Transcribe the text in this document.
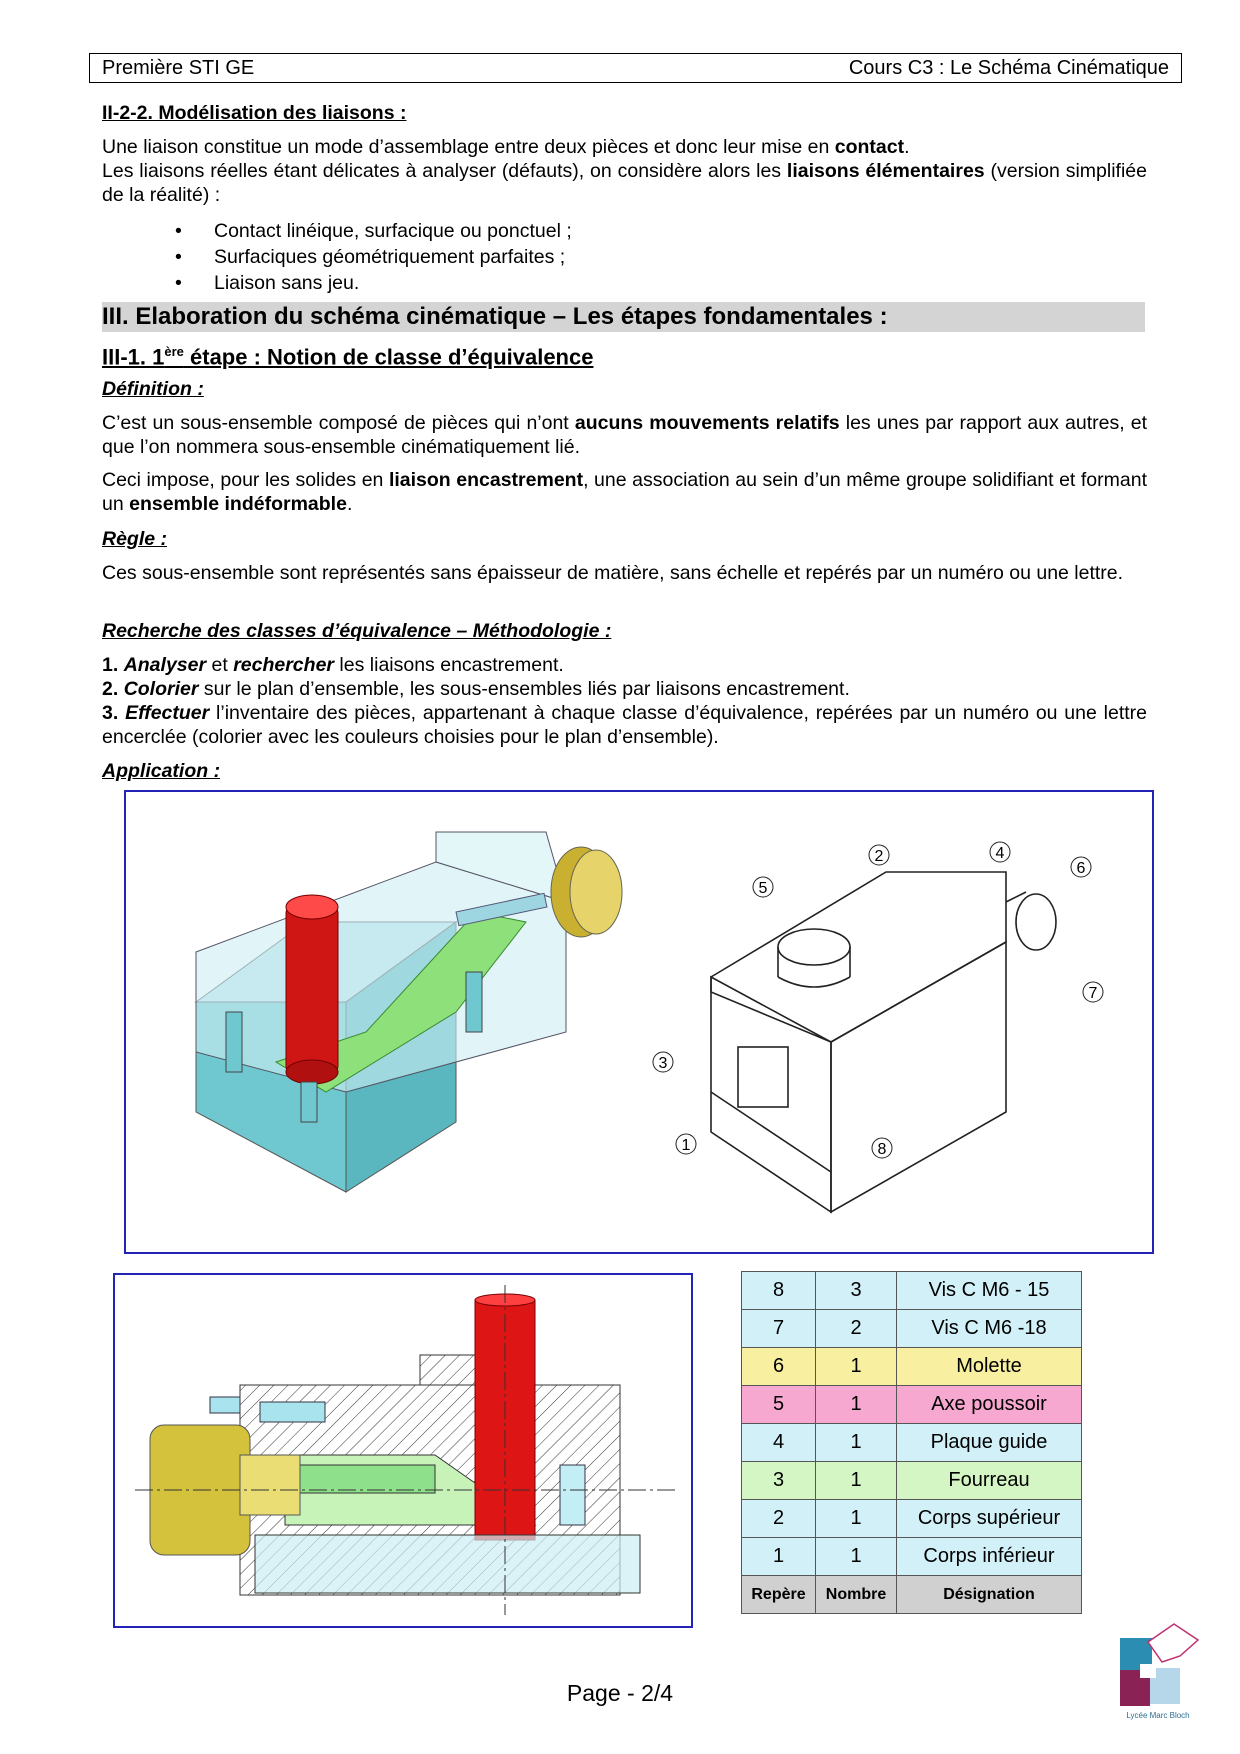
Première STI GE	Cours C3 : Le Schéma Cinématique
II-2-2. Modélisation des liaisons :
Une liaison constitue un mode d’assemblage entre deux pièces et donc leur mise en contact.
Les liaisons réelles étant délicates à analyser (défauts), on considère alors les liaisons élémentaires (version simplifiée de la réalité) :
• Contact linéique, surfacique ou ponctuel ;
• Surfaciques géométriquement parfaites ;
• Liaison sans jeu.
III. Elaboration du schéma cinématique – Les étapes fondamentales :
III-1. 1ère étape : Notion de classe d’équivalence
Définition :
C’est un sous-ensemble composé de pièces qui n’ont aucuns mouvements relatifs les unes par rapport aux autres, et que l’on nommera sous-ensemble cinématiquement lié.
Ceci impose, pour les solides en liaison encastrement, une association au sein d’un même groupe solidifiant et formant un ensemble indéformable.
Règle :
Ces sous-ensemble sont représentés sans épaisseur de matière, sans échelle et repérés par un numéro ou une lettre.
Recherche des classes d’équivalence – Méthodologie :
1. Analyser et rechercher les liaisons encastrement.
2. Colorier sur le plan d’ensemble, les sous-ensembles liés par liaisons encastrement.
3. Effectuer l’inventaire des pièces, appartenant à chaque classe d’équivalence, repérées par un numéro ou une lettre encerclée (colorier avec les couleurs choisies pour le plan d’ensemble).
Application :
1
2
3
4
5
6
7
8
8	3	Vis C M6 - 15
7	2	Vis C M6 -18
6	1	Molette
5	1	Axe poussoir
4	1	Plaque guide
3	1	Fourreau
2	1	Corps supérieur
1	1	Corps inférieur
Repère	Nombre	Désignation
Page - 2/4
Lycée Marc Bloch
